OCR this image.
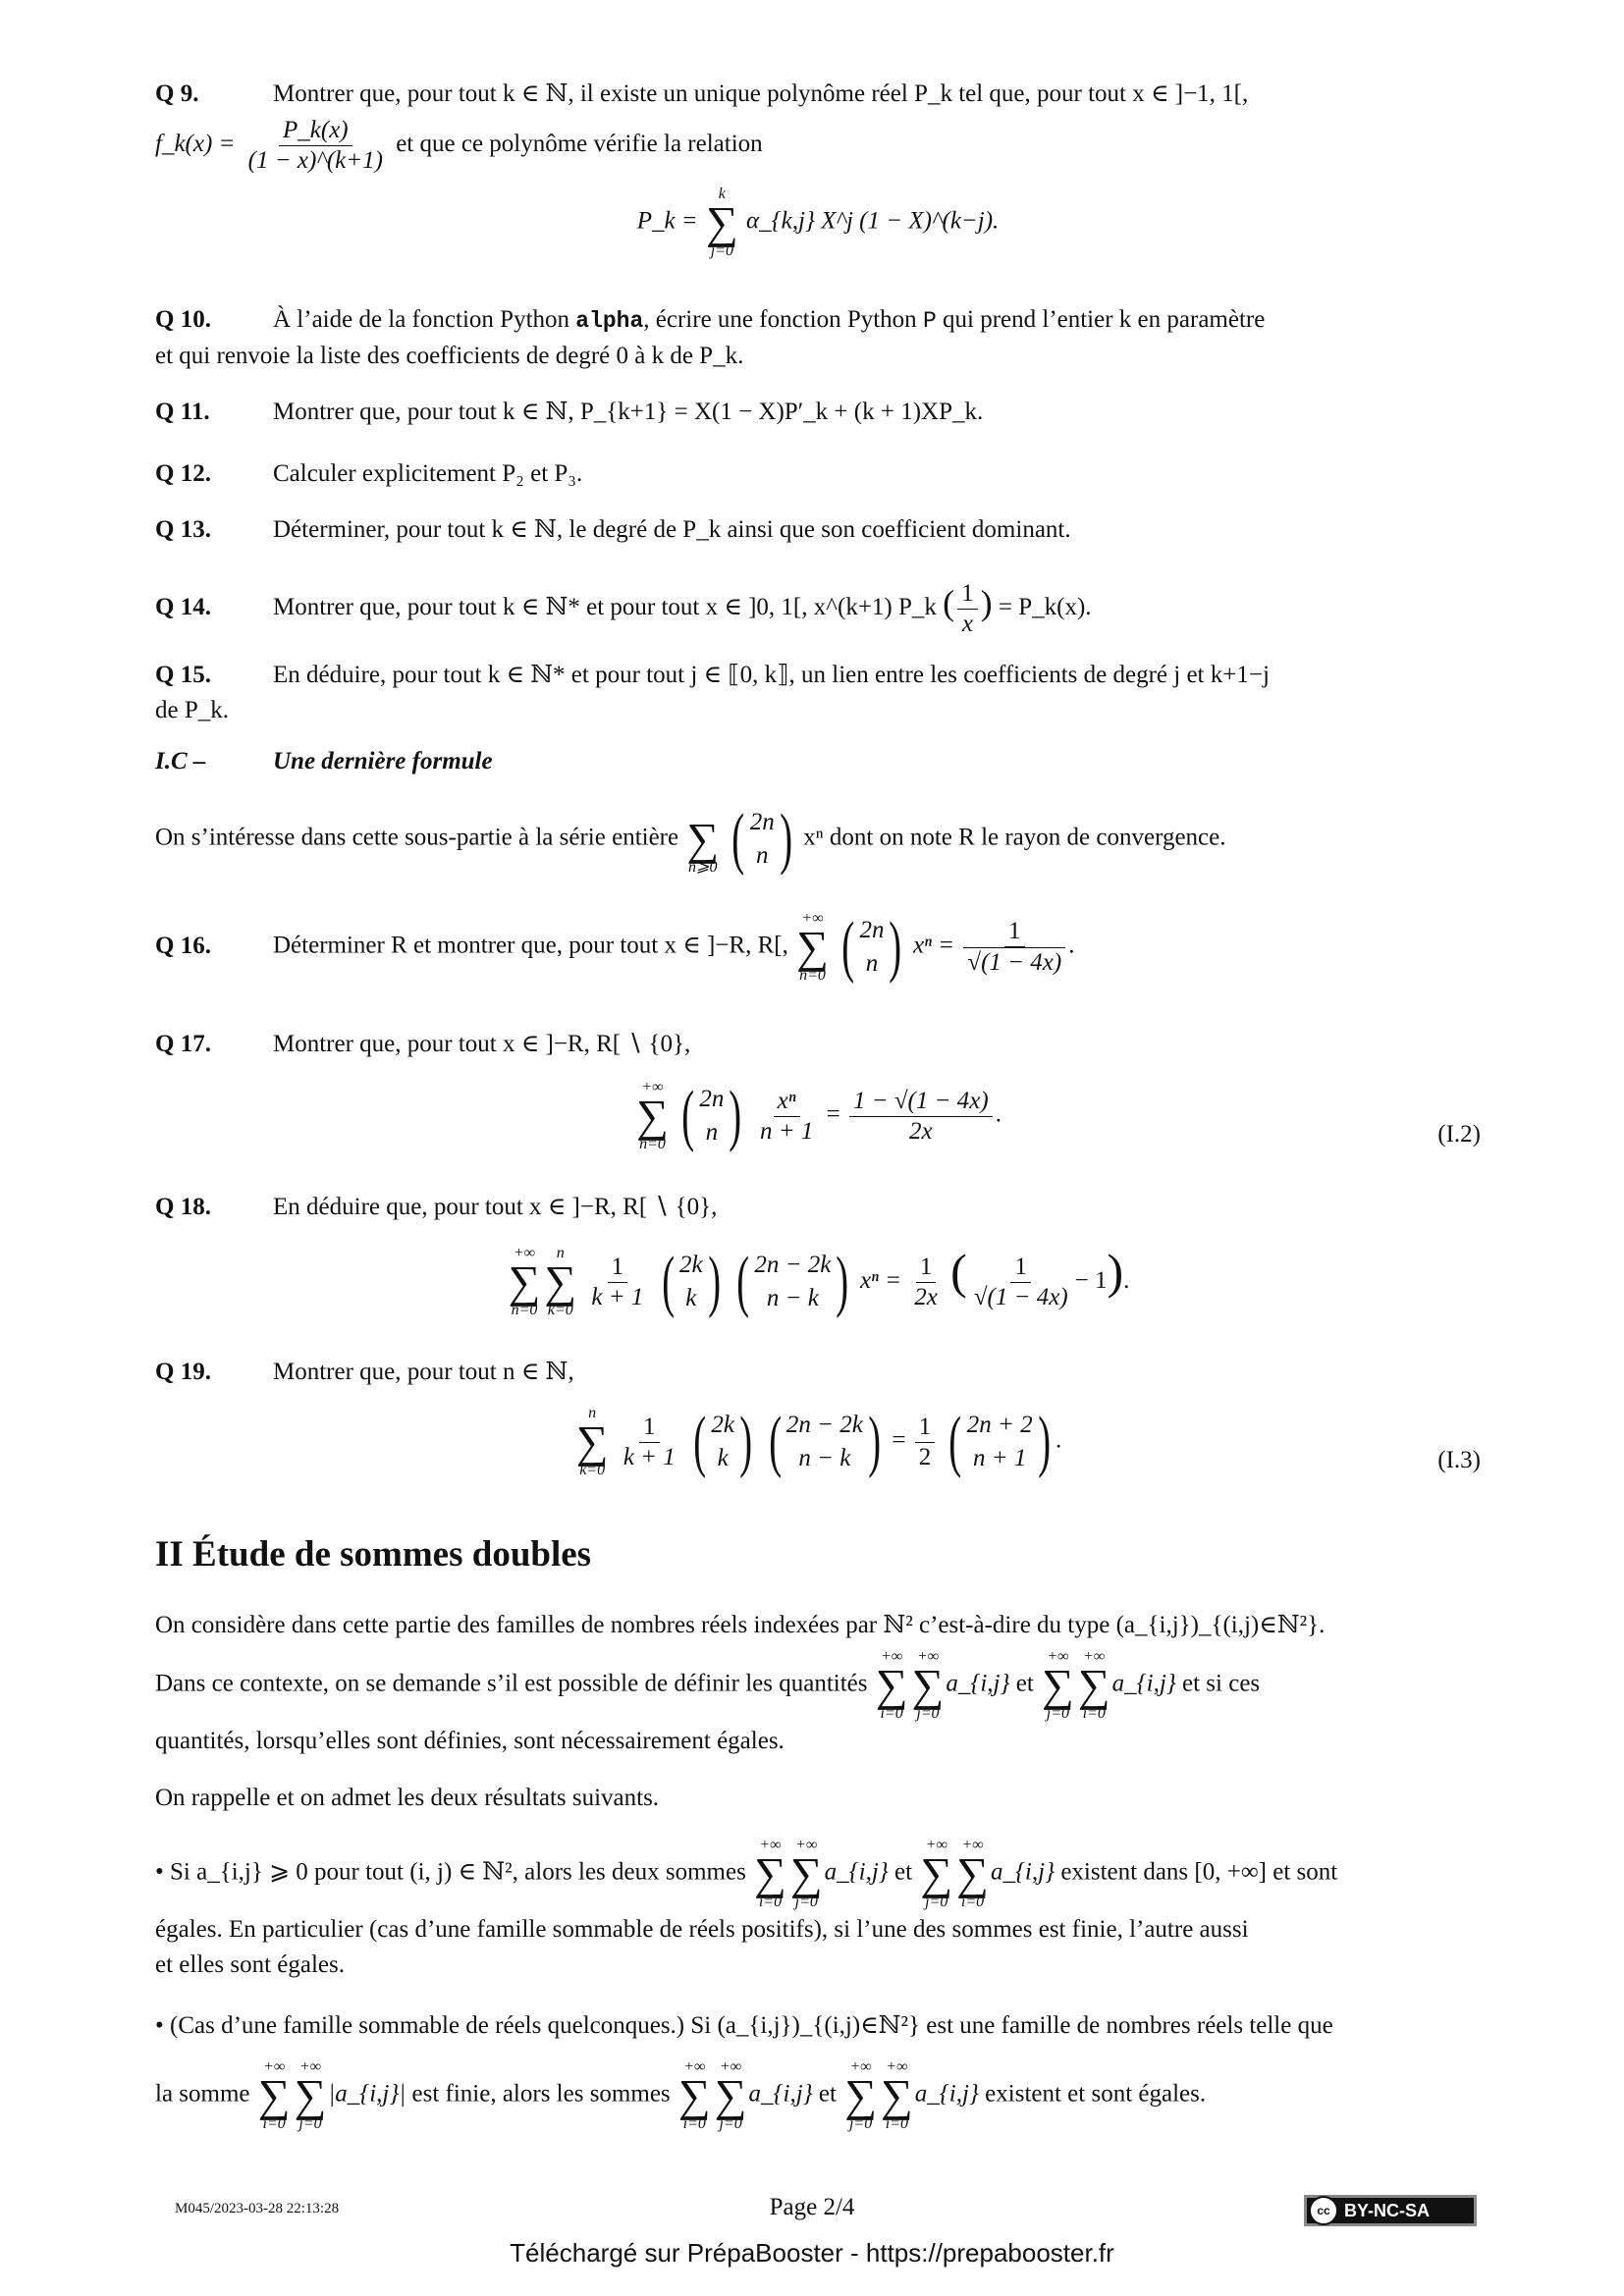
Q 9.	Montrer que, pour tout k ∈ ℕ, il existe un unique polynôme réel P_k tel que, pour tout x ∈ ]−1, 1[,
f_k(x) = $\frac{P\_k(x)}{(1 - x)\^{}(k+1)}$ et que ce polynôme vérifie la relation
P_k =
k
∑
j=0
α_{k,j} X^j (1 − X)^(k−j).
Q 10.	À l’aide de la fonction Python alpha, écrire une fonction Python P qui prend l’entier k en paramètre
et qui renvoie la liste des coefficients de degré 0 à k de P_k.
Q 11.	Montrer que, pour tout k ∈ ℕ, P_{k+1} = X(1 − X)P′_k + (k + 1)XP_k.
Q 12.	Calculer explicitement P₂ et P₃.
Q 13.	Déterminer, pour tout k ∈ ℕ, le degré de P_k ainsi que son coefficient dominant.
Q 14.	Montrer que, pour tout k ∈ ℕ* et pour tout x ∈ ]0, 1[, x^(k+1) P_k ( $\frac{1}{x}$ ) = P_k(x).
Q 15.	En déduire, pour tout k ∈ ℕ* et pour tout j ∈ ⟦0, k⟧, un lien entre les coefficients de degré j et k+1−j
de P_k.
I.C –	Une dernière formule
On s’intéresse dans cette sous-partie à la série entière
∑
n⩾0
( 2n
n ) xⁿ dont on note R le rayon de convergence.
Q 16.	Déterminer R et montrer que, pour tout x ∈ ]−R, R[,
+∞
∑
n=0
( 2n
n ) $x^n = \frac{1}{√(1 - 4x)}$ .
Q 17.	Montrer que, pour tout x ∈ ]−R, R[ ∖ {0},
+∞
∑
n=0
( 2n
n )
$\frac{\text{xⁿ}}{n + 1} = \frac{1 - √(1 - 4x)}{2x}$ .
(I.2)
Q 18.	En déduire que, pour tout x ∈ ]−R, R[ ∖ {0},
+∞
∑
n=0
n
∑
k=0
$\frac{1}{k + 1}$
( 2k
k )
( 2n − 2k
n − k ) $x^n = \frac{1}{2x}$ ( $\frac{1}{√(1 - 4x)} - 1$).
Q 19.	Montrer que, pour tout n ∈ ℕ,
n
∑
k=0
$\frac{1}{k + 1}$
( 2k
k )
( 2n − 2k
n − k ) = $\frac{1}{2}$
( 2n + 2
n + 1 ) .
(I.3)
II Étude de sommes doubles
On considère dans cette partie des familles de nombres réels indexées par ℕ² c’est-à-dire du type (a_{i,j})_{(i,j)∈ℕ²}.
Dans ce contexte, on se demande s’il est possible de définir les quantités
+∞
∑
i=0
+∞
∑
j=0
a_{i,j} et
+∞
∑
j=0
+∞
∑
i=0
a_{i,j} et si ces
quantités, lorsqu’elles sont définies, sont nécessairement égales.
On rappelle et on admet les deux résultats suivants.
• Si a_{i,j} ⩾ 0 pour tout (i, j) ∈ ℕ², alors les deux sommes
+∞
∑
i=0
+∞
∑
j=0
a_{i,j} et
+∞
∑
j=0
+∞
∑
i=0
a_{i,j} existent dans [0, +∞] et sont
égales. En particulier (cas d’une famille sommable de réels positifs), si l’une des sommes est finie, l’autre aussi
et elles sont égales.
• (Cas d’une famille sommable de réels quelconques.) Si (a_{i,j})_{(i,j)∈ℕ²} est une famille de nombres réels telle que
la somme
+∞
∑
i=0
+∞
∑
j=0
|a_{i,j}| est finie, alors les sommes
+∞
∑
i=0
+∞
∑
j=0
a_{i,j} et
+∞
∑
j=0
+∞
∑
i=0
a_{i,j} existent et sont égales.
M045/2023-03-28 22:13:28	Page 2/4	cc BY-NC-SA
Téléchargé sur PrépaBooster - https://prepabooster.fr
